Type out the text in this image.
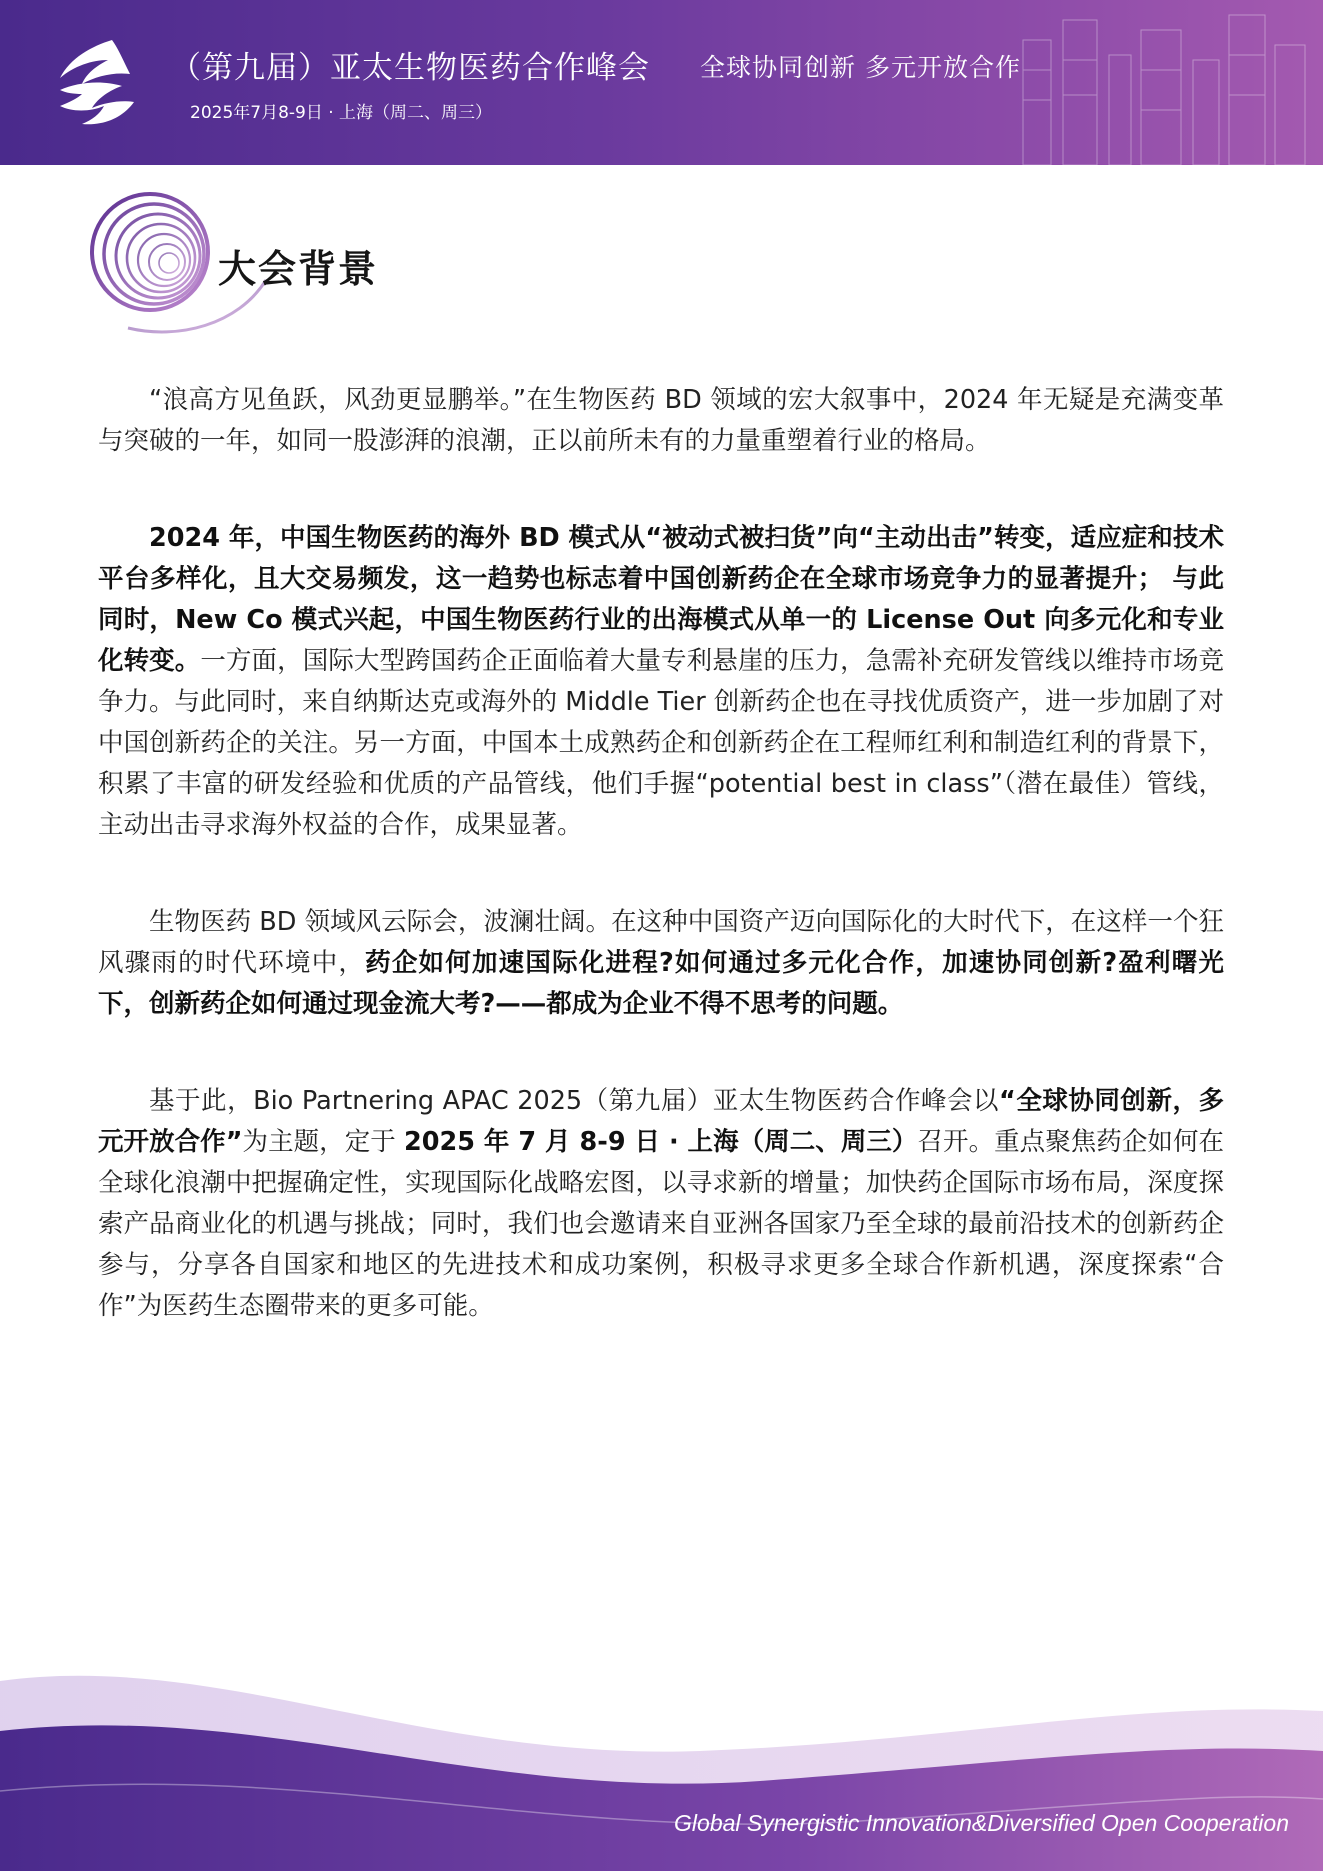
（第九届）亚太生物医药合作峰会 全球协同创新 多元开放合作
2025年7月8-9日 · 上海（周二、周三）
大会背景

“浪高方见鱼跃，风劲更显鹏举。”在生物医药 BD 领域的宏大叙事中，2024 年无疑是充满变革与突破的一年，如同一股澎湃的浪潮，正以前所未有的力量重塑着行业的格局。

2024 年，中国生物医药的海外 BD 模式从“被动式被扫货”向“主动出击”转变，适应症和技术平台多样化，且大交易频发，这一趋势也标志着中国创新药企在全球市场竞争力的显著提升； 与此同时，New Co 模式兴起，中国生物医药行业的出海模式从单一的 License Out 向多元化和专业化转变。一方面，国际大型跨国药企正面临着大量专利悬崖的压力，急需补充研发管线以维持市场竞争力。与此同时，来自纳斯达克或海外的 Middle Tier 创新药企也在寻找优质资产，进一步加剧了对中国创新药企的关注。另一方面，中国本土成熟药企和创新药企在工程师红利和制造红利的背景下，积累了丰富的研发经验和优质的产品管线，他们手握“potential best in class”（潜在最佳）管线，主动出击寻求海外权益的合作，成果显著。

生物医药 BD 领域风云际会，波澜壮阔。在这种中国资产迈向国际化的大时代下，在这样一个狂风骤雨的时代环境中，药企如何加速国际化进程?如何通过多元化合作，加速协同创新?盈利曙光下，创新药企如何通过现金流大考?——都成为企业不得不思考的问题。

基于此，Bio Partnering APAC 2025（第九届）亚太生物医药合作峰会以“全球协同创新，多元开放合作”为主题，定于 2025 年 7 月 8-9 日 · 上海（周二、周三）召开。重点聚焦药企如何在全球化浪潮中把握确定性，实现国际化战略宏图，以寻求新的增量；加快药企国际市场布局，深度探索产品商业化的机遇与挑战；同时，我们也会邀请来自亚洲各国家乃至全球的最前沿技术的创新药企参与，分享各自国家和地区的先进技术和成功案例，积极寻求更多全球合作新机遇，深度探索“合作”为医药生态圈带来的更多可能。

Global Synergistic Innovation&Diversified Open Cooperation
